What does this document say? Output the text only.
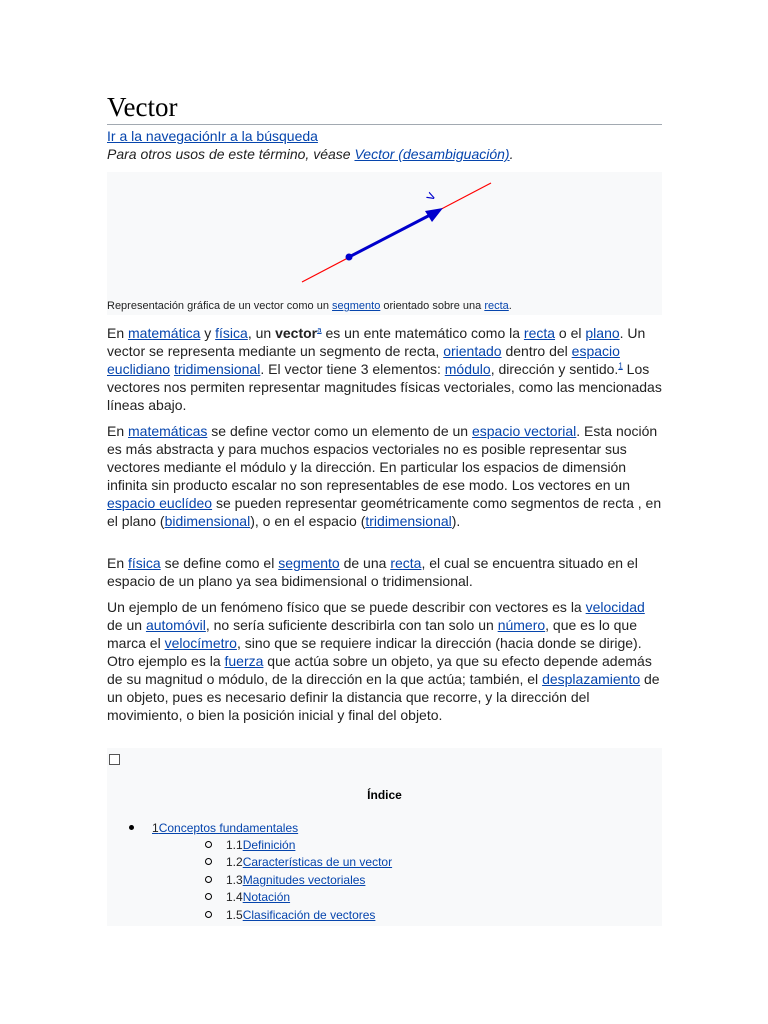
Vector
Ir a la navegaciónIr a la búsqueda
Para otros usos de este término, véase Vector (desambiguación).
v
Representación gráfica de un vector como un segmento orientado sobre una recta.

En matemática y física, un vector$^a$ es un ente matemático como la recta o el plano. Un vector se representa mediante un segmento de recta, orientado dentro del espacio euclidiano tridimensional. El vector tiene 3 elementos: módulo, dirección y sentido.$^1$ Los vectores nos permiten representar magnitudes físicas vectoriales, como las mencionadas líneas abajo.

En matemáticas se define vector como un elemento de un espacio vectorial. Esta noción es más abstracta y para muchos espacios vectoriales no es posible representar sus vectores mediante el módulo y la dirección. En particular los espacios de dimensión infinita sin producto escalar no son representables de ese modo. Los vectores en un espacio euclídeo se pueden representar geométricamente como segmentos de recta , en el plano (bidimensional), o en el espacio (tridimensional).

En física se define como el segmento de una recta, el cual se encuentra situado en el espacio de un plano ya sea bidimensional o tridimensional.

Un ejemplo de un fenómeno físico que se puede describir con vectores es la velocidad de un automóvil, no sería suficiente describirla con tan solo un número, que es lo que marca el velocímetro, sino que se requiere indicar la dirección (hacia donde se dirige). Otro ejemplo es la fuerza que actúa sobre un objeto, ya que su efecto depende además de su magnitud o módulo, de la dirección en la que actúa; también, el desplazamiento de un objeto, pues es necesario definir la distancia que recorre, y la dirección del movimiento, o bien la posición inicial y final del objeto.

Índice
1Conceptos fundamentales
1.1Definición
1.2Características de un vector
1.3Magnitudes vectoriales
1.4Notación
1.5Clasificación de vectores
